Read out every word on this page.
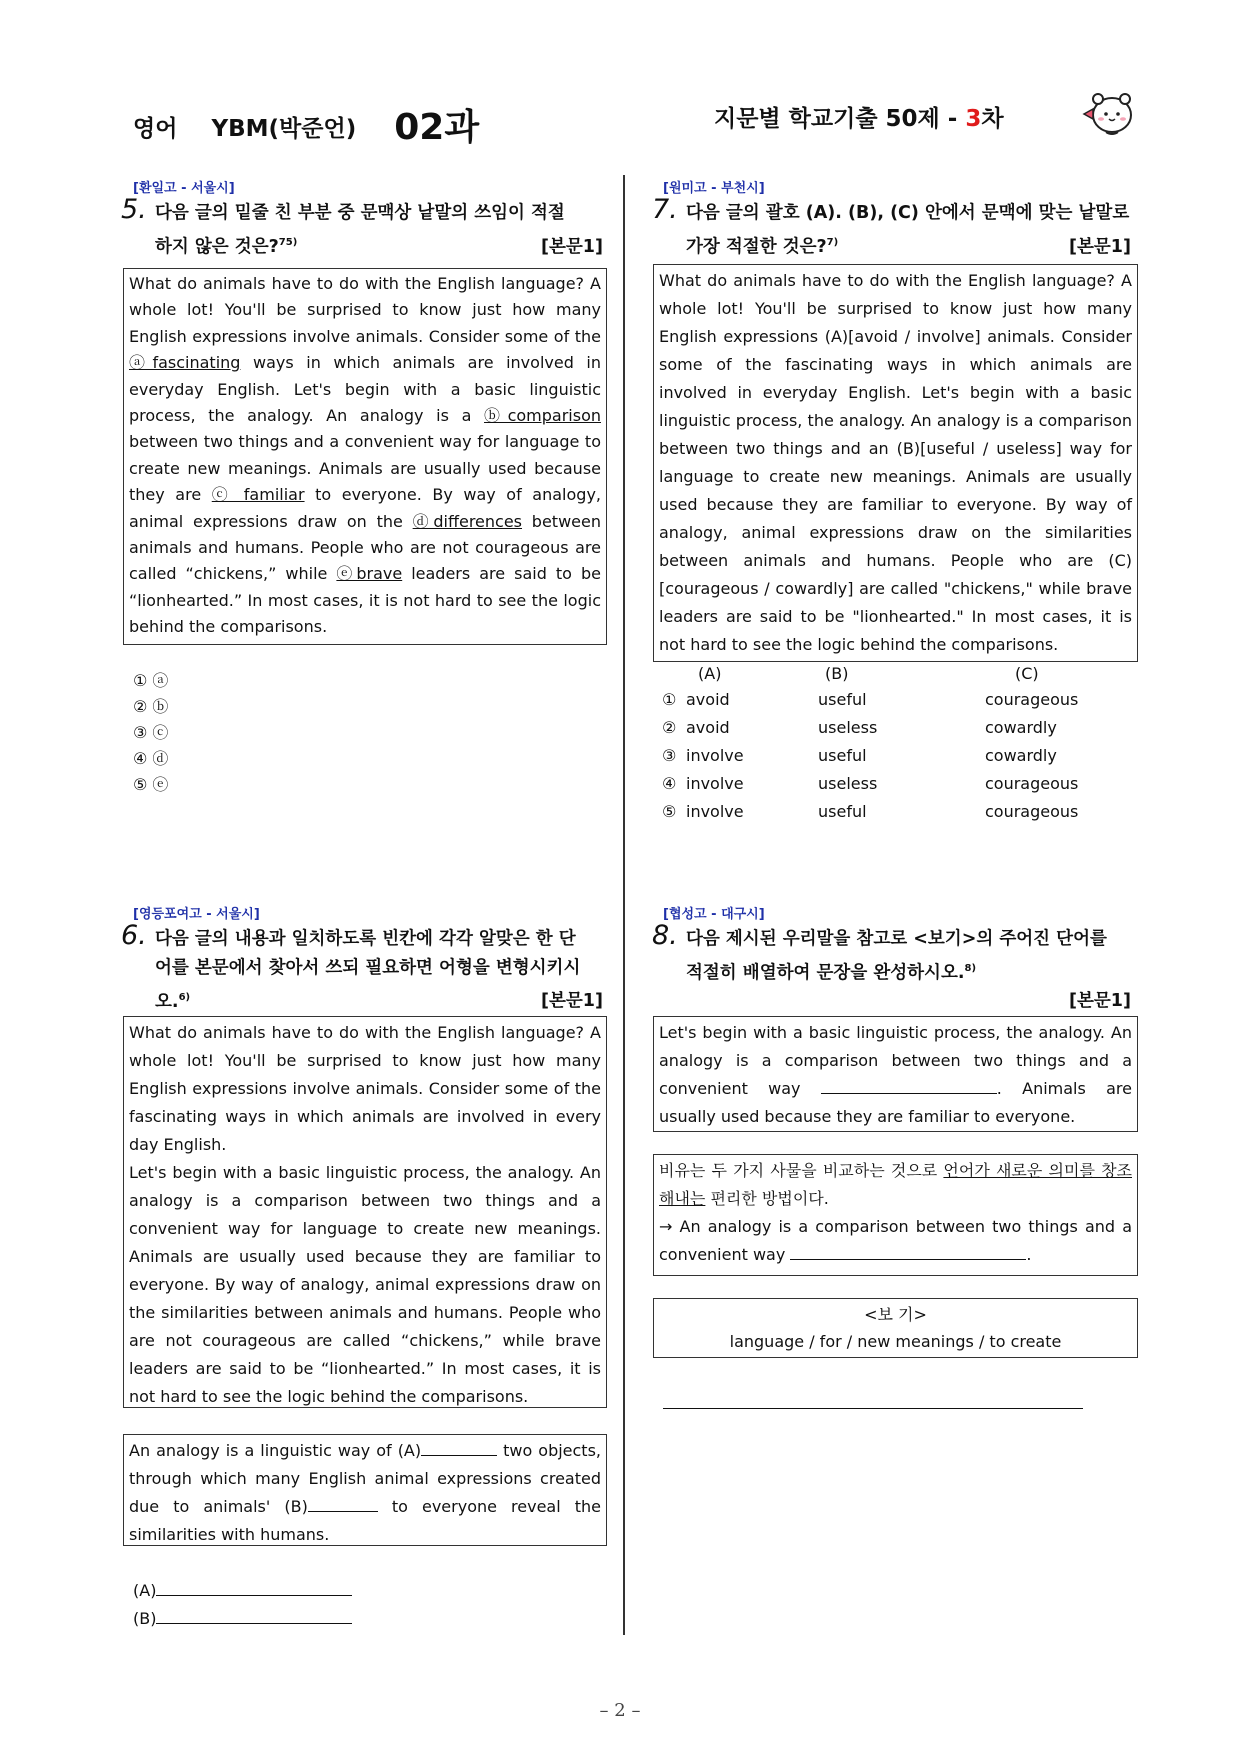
영어 YBM(박준언) 02과	지문별 학교기출 50제 - 3차
[환일고 - 서울시]
5. 다음 글의 밑줄 친 부분 중 문맥상 낱말의 쓰임이 적절
하지 않은 것은?$^{75)}$	[본문1]

What do animals have to do with the English language? A whole lot! You'll be surprised to know just how many English expressions involve animals. Consider some of the ⓐfascinating ways in which animals are involved in everyday English. Let's begin with a basic linguistic process, the analogy. An analogy is a ⓑcomparison between two things and a convenient way for language to create new meanings. Animals are usually used because they are ⓒ familiar to everyone. By way of analogy, animal expressions draw on the ⓓdifferences between animals and humans. People who are not courageous are called “chickens,” while ⓔbrave leaders are said to be “lionhearted.” In most cases, it is not hard to see the logic behind the comparisons.

① ⓐ
② ⓑ
③ ⓒ
④ ⓓ
⑤ ⓔ
[원미고 - 부천시]
7. 다음 글의 괄호 (A). (B), (C) 안에서 문맥에 맞는 낱말로
가장 적절한 것은?$^{7)}$	[본문1]

What do animals have to do with the English language? A whole lot! You'll be surprised to know just how many English expressions (A)[avoid / involve] animals. Consider some of the fascinating ways in which animals are involved in everyday English. Let's begin with a basic linguistic process, the analogy. An analogy is a comparison between two things and an (B)[useful / useless] way for language to create new meanings. Animals are usually used because they are familiar to everyone. By way of analogy, animal expressions draw on the similarities between animals and humans. People who are (C)[courageous / cowardly] are called "chickens," while brave leaders are said to be "lionhearted." In most cases, it is not hard to see the logic behind the comparisons.

(A)	(B)	(C)
① avoid	useful	courageous
② avoid	useless	cowardly
③ involve	useful	cowardly
④ involve	useless	courageous
⑤ involve	useful	courageous
[영등포여고 - 서울시]
6. 다음 글의 내용과 일치하도록 빈칸에 각각 알맞은 한 단
어를 본문에서 찾아서 쓰되 필요하면 어형을 변형시키시
오.$^{6)}$	[본문1]

What do animals have to do with the English language? A whole lot! You'll be surprised to know just how many English expressions involve animals. Consider some of the fascinating ways in which animals are involved in every day English.

Let's begin with a basic linguistic process, the analogy. An analogy is a comparison between two things and a convenient way for language to create new meanings. Animals are usually used because they are familiar to everyone. By way of analogy, animal expressions draw on the similarities between animals and humans. People who are not courageous are called “chickens,” while brave leaders are said to be “lionhearted.” In most cases, it is not hard to see the logic behind the comparisons.

An analogy is a linguistic way of (A)	two objects, through which many English animal expressions created due to animals' (B)	to everyone reveal the similarities with humans.

(A)
(B)
[협성고 - 대구시]
8. 다음 제시된 우리말을 참고로 <보기>의 주어진 단어를
적절히 배열하여 문장을 완성하시오.$^{8)}$
[본문1]

Let's begin with a basic linguistic process, the analogy. An analogy is a comparison between two things and a convenient way	. Animals are usually used because they are familiar to everyone.

비유는 두 가지 사물을 비교하는 것으로 언어가 새로운 의미를 창조해내는 편리한 방법이다.

→ An analogy is a comparison between two things and a convenient way	.

<보 기>
language / for / new meanings / to create
– 2 –
